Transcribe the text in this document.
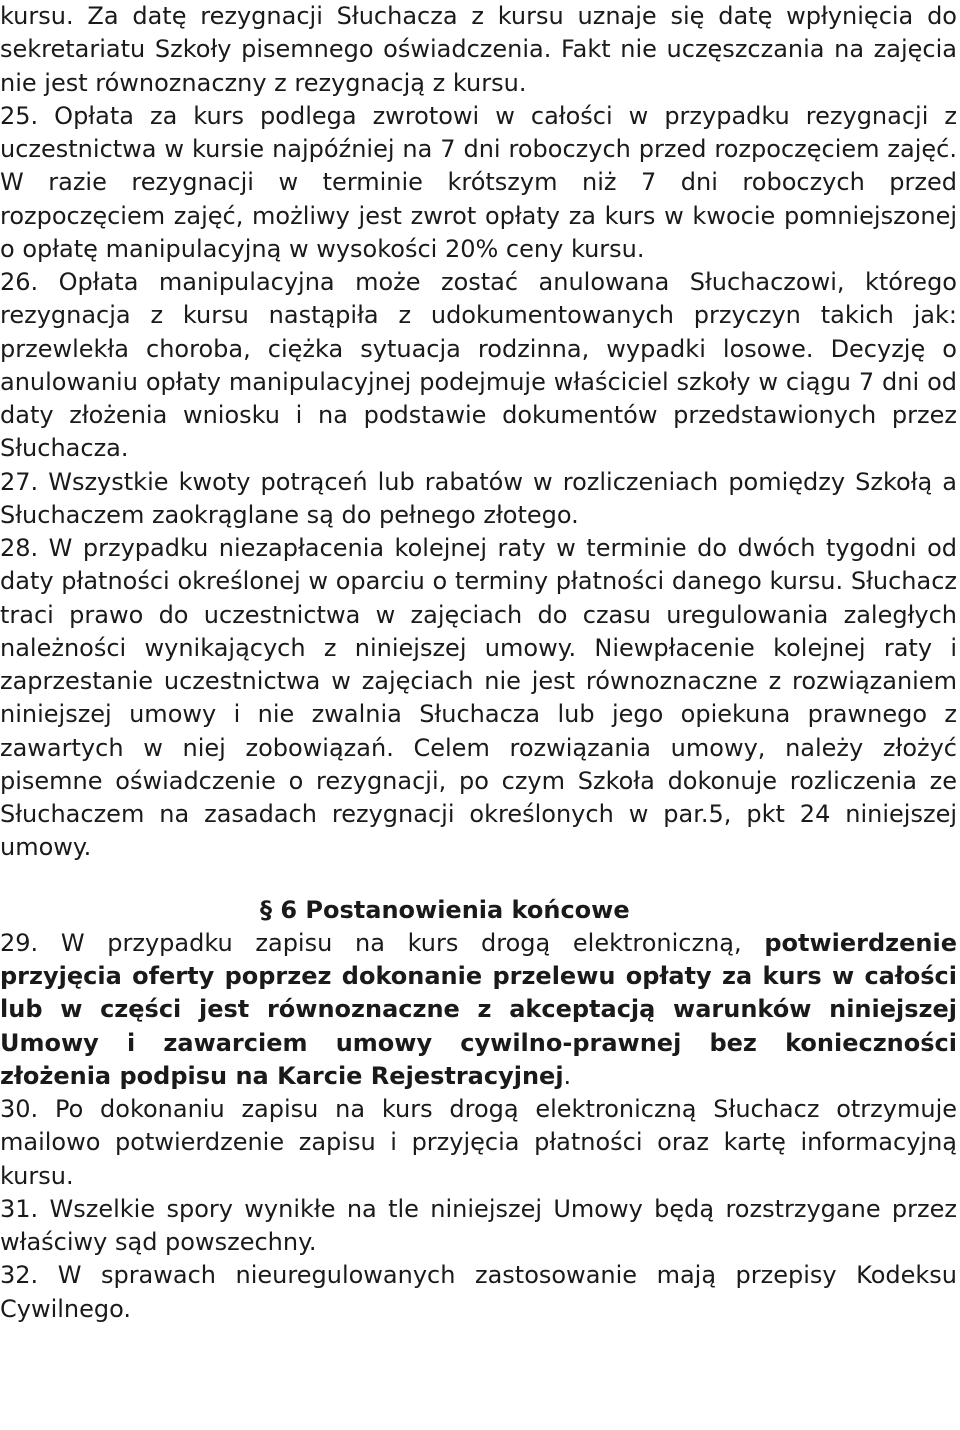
kursu. Za datę rezygnacji Słuchacza z kursu uznaje się datę wpłynięcia do sekretariatu Szkoły pisemnego oświadczenia. Fakt nie uczęszczania na zajęcia nie jest równoznaczny z rezygnacją z kursu.

25. Opłata za kurs podlega zwrotowi w całości w przypadku rezygnacji z uczestnictwa w kursie najpóźniej na 7 dni roboczych przed rozpoczęciem zajęć. W razie rezygnacji w terminie krótszym niż 7 dni roboczych przed rozpoczęciem zajęć, możliwy jest zwrot opłaty za kurs w kwocie pomniejszonej o opłatę manipulacyjną w wysokości 20% ceny kursu.

26. Opłata manipulacyjna może zostać anulowana Słuchaczowi, którego rezygnacja z kursu nastąpiła z udokumentowanych przyczyn takich jak: przewlekła choroba, ciężka sytuacja rodzinna, wypadki losowe. Decyzję o anulowaniu opłaty manipulacyjnej podejmuje właściciel szkoły w ciągu 7 dni od daty złożenia wniosku i na podstawie dokumentów przedstawionych przez Słuchacza.

27. Wszystkie kwoty potrąceń lub rabatów w rozliczeniach pomiędzy Szkołą a Słuchaczem zaokrąglane są do pełnego złotego.

28. W przypadku niezapłacenia kolejnej raty w terminie do dwóch tygodni od daty płatności określonej w oparciu o terminy płatności danego kursu. Słuchacz traci prawo do uczestnictwa w zajęciach do czasu uregulowania zaległych należności wynikających z niniejszej umowy. Niewpłacenie kolejnej raty i zaprzestanie uczestnictwa w zajęciach nie jest równoznaczne z rozwiązaniem niniejszej umowy i nie zwalnia Słuchacza lub jego opiekuna prawnego z zawartych w niej zobowiązań. Celem rozwiązania umowy, należy złożyć pisemne oświadczenie o rezygnacji, po czym Szkoła dokonuje rozliczenia ze Słuchaczem na zasadach rezygnacji określonych w par.5, pkt 24 niniejszej umowy.

§ 6 Postanowienia końcowe

29. W przypadku zapisu na kurs drogą elektroniczną, potwierdzenie przyjęcia oferty poprzez dokonanie przelewu opłaty za kurs w całości lub w części jest równoznaczne z akceptacją warunków niniejszej Umowy i zawarciem umowy cywilno-prawnej bez konieczności złożenia podpisu na Karcie Rejestracyjnej.

30. Po dokonaniu zapisu na kurs drogą elektroniczną Słuchacz otrzymuje mailowo potwierdzenie zapisu i przyjęcia płatności oraz kartę informacyjną kursu.

31. Wszelkie spory wynikłe na tle niniejszej Umowy będą rozstrzygane przez właściwy sąd powszechny.

32. W sprawach nieuregulowanych zastosowanie mają przepisy Kodeksu Cywilnego.
